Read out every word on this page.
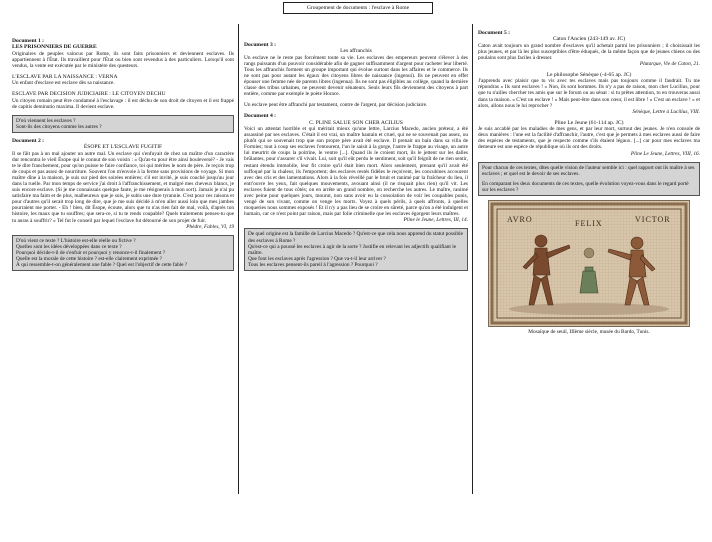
Groupement de documents : l'esclave à Rome

Document 1 :

LES PRISONNIERS DE GUERRE

Originaires de peuples vaincus par Rome, ils sont faits prisonniers et deviennent esclaves. Ils appartiennent à l'État. Ils travaillent pour l'État ou bien sont revendus à des particuliers. Lorsqu'il sont vendus, la vente est exécutée par le ministère des questeurs.

L'ESCLAVE PAR LA NAISSANCE : VERNA

Un enfant d'esclave est esclave dès sa naissance.

ESCLAVE PAR DECISION JUDICIAIRE : LE CITOYEN DECHU

Un citoyen romain peut être condamné à l'esclavage : il est déchu de son droit de citoyen et il est frappé de capitis deminutio maxima. Il devient esclave.

D'où viennent les esclaves ?
Sont-ils des citoyens comme les autres ?

Document 2 :

ÉSOPE ET L'ESCLAVE FUGITIF

Il se fâit pas à un mal ajouter un autre mal. Un esclave qui s'enfuyait de chez un maître d'un caractère dur rencontra le vieil Ésope qui le connut de son voisin : « Qu'as-tu pour être ainsi bouleversé? - Je vais te le dire franchement, pour qu'on puisse te faire confiance, toi qui mérites le nom de père. Je reçois trop de coups et pas assez de nourriture. Souvent l'on m'envoie à la ferme sans provisions de voyage. Si mon maître dîne à la maison, je suis sur pied des soirées entières; s'il est invité, je suis couché jusqu'au jour dans la ruelle. Par mon temps de service j'ai droit à l'affranchissement, et malgré mes cheveux blancs, je suis encore esclave. (Si je me connaissais quelque faute, je me résignerais à mon sort). Jamais je n'ai pu satisfaire ma faim et de plus, malheureux que je suis, je subis une dure tyrannie. C'est pour ces raisons et pour d'autres qu'il serait trop long de dire, que je me suis décidé à m'en aller aussi loin que mes jambes pourraient me porter. - Eh ! bien, dit Ésope, écoute, alors que tu n'as rien fait de mal, voilà, d'après ton histoire, les maux que tu souffres; que sera-ce, si tu te rends coupable? Quels traitements penses-tu que tu auras à souffrir? » Tel fut le conseil par lequel l'esclave fut détourné de son projet de fuir.

Phèdre, Fables, VI, 19

D'où vient ce texte ? L'histoire est-elle réelle ou fictive ?
Quelles sont les idées développées dans ce texte ?
Pourquoi décide-t-il de s'enfuir et pourquoi y renonce-t-il finalement ?
Quelle est la morale de cette histoire ? est-elle clairement exprimée ?
À qui ressemble-t-on généralement une fable ? Quel est l'objectif de cette fable ?

Document 3 :

Les affranchis

Un esclave ne le reste pas forcément toute sa vie. Les esclaves des empereurs peuvent s'élever à des rangs puissants d'un pouvoir considérable afin de gagner suffisamment d'argent pour racheter leur liberté. Tous les affranchis forment un groupe important qui évolue surtout dans les affaires et le commerce. Ils ne sont pas pour autant les égaux des citoyens libres de naissance (ingenui). Ils ne peuvent en effet épouser une femme née de parents libres (ingenua). Ils ne sont pas éligibles au collège, quand la dernière classe des tribus urbaines, ne peuvent devenir sénateurs. Seuls leurs fils deviennent des citoyens à part entière, comme par exemple le poète Horace.

Un esclave peut être affranchi par testament, contre de l'argent, par décision judiciaire.

Document 4 :

C. PLINE SALUE SON CHER ACILIUS

Voici un attentat horrible et qui méritait mieux qu'une lettre, Larcius Macedo, ancien préteur, a été assassiné par ses esclaves. C'était il est vrai, un maître hautain et cruel, qui ne se souvenait pas assez, ou plutôt qui se souvenait trop que son propre père avait été esclave. Il prenait un bain dans sa villa de Formies; tout à coup ses esclaves l'entourent, l'un le saisit à la gorge, l'autre le frappe au visage, un autre lui meurtrit de coups la poitrine, le ventre [...]. Quand ils le croient mort, ils le jettent sur les dalles brûlantes, pour s'assurer s'il vivait. Lui, soit qu'il eût perdu le sentiment, soit qu'il feignît de ne rien sentir, restant étendu immobile, leur fit croire qu'il était bien mort. Alors seulement, prenant qu'il avait été suffoqué par la chaleur, ils l'emportent; des esclaves restés fidèles le reçoivent, les concubines accourent avec des cris et des lamentations. Alors à la fois réveillé par le bruit et ranimé par la fraîcheur du lieu, il entr'ouvre les yeux, fait quelques mouvements, avouant ainsi (il ne risquait plus rien) qu'il vit. Les esclaves fuient de tous côtés; on en arrête un grand nombre, on recherche les autres. Le maître, ranimé avec peine pour quelques jours, mourut, non sans avoir eu la consolation de voir les coupables punis, vengé de son vivant, comme on venge les morts. Voyez à quels périls, à quels affronts, à quelles moqueries nous sommes exposés ! Et il n'y a pas lieu de se croire en sûreté, parce qu'on a été indulgent et humain, car ce n'est point par raison, mais par folie criminelle que les esclaves égorgent leurs maîtres.

Pline le Jeune, Lettres, III, 14.

De quel origine est la famille de Larcius Macedo ? Qu'est-ce que cela nous apprend du statut possible des esclaves à Rome ?
Qu'est-ce qui a poussé les esclaves à agir de la sorte ? Justifie en relevant les adjectifs qualifiant le maître.
Que font les esclaves après l'agression ? Que va-t-il leur arriver ?
Tous les esclaves pensent-ils pareil à l'agression ? Pourquoi ?

Document 5 :

Caton l'Ancien (243-149 av. JC)

Caton avait toujours un grand nombre d'esclaves qu'il achetait parmi les prisonniers ; il choisissait les plus jeunes, et par là les plus susceptibles d'être éduqués, de la même façon que de jeunes chiens ou des poulains sont plus faciles à dresser.

Plutarque, Vie de Caton, 21.

Le philosophe Sénèque (-4-65 ap. JC)

J'apprends avec plaisir que tu vis avec tes esclaves mais pas toujours comme il faudrait. Tu me répondras « Ils sont esclaves ! » Non, ils sont hommes. Ils n'y a pas de raison, mon cher Lucilius, pour que tu n'ailles chercher tes amis que sur le forum ou au sénat : si tu prêtes attention, tu en trouveras aussi dans ta maison. « C'est un esclave ! » Mais peut-être dans son cœur, il est libre ! « C'est un esclave ! » et alors, allons nous le lui reprocher ?

Sénèque, Lettre à Lucilius, VIII.

Pline Le Jeune (61-114 ap. JC)

Je suis accablé par les maladies de mes gens, et par leur mort, surtout des jeunes. Je n'en console de deux manières : l'une est la facilité d'affranchir, l'autre, c'est que je permets à mes esclaves aussi de faire des espèces de testaments, que je respecte comme s'ils étaient légaux. [...] car pour mes esclaves ma demeure est une espèce de république où ils ont des droits.

Pline Le Jeune, Lettres, VIII, 16.

Pour chacun de ces textes, dites quelle vision de l'auteur semble ici : quel rapport ont ils maître à ses esclaves ; et quel est le devoir de ses esclaves.
En comparant les deux documents de ces textes, quelle évolution voyez-vous dans le regard porté sur les esclaves ?
AVRO	FELIX	VICTOR

Mosaïque de seuil, IIIème siècle, musée du Bardo, Tunis.
